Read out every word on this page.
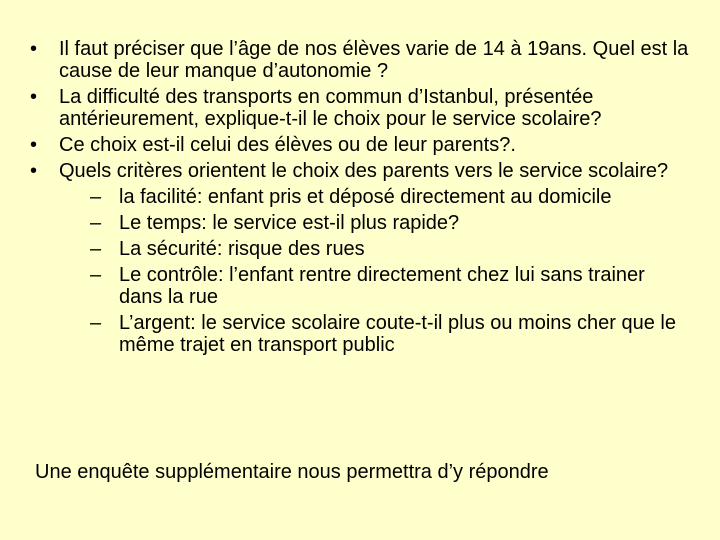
• Il faut préciser que l’âge de nos élèves varie de 14 à 19ans. Quel est la cause de leur manque d’autonomie ?
• La difficulté des transports en commun d’Istanbul, présentée antérieurement, explique-t-il le choix pour le service scolaire?
• Ce choix est-il celui des élèves ou de leur parents?.
• Quels critères orientent le choix des parents vers le service scolaire?
– la facilité: enfant pris et déposé directement au domicile
– Le temps: le service est-il plus rapide?
– La sécurité: risque des rues
– Le contrôle: l’enfant rentre directement chez lui sans trainer dans la rue
– L’argent: le service scolaire coute-t-il plus ou moins cher que le même trajet en transport public
Une enquête supplémentaire nous permettra d’y répondre
